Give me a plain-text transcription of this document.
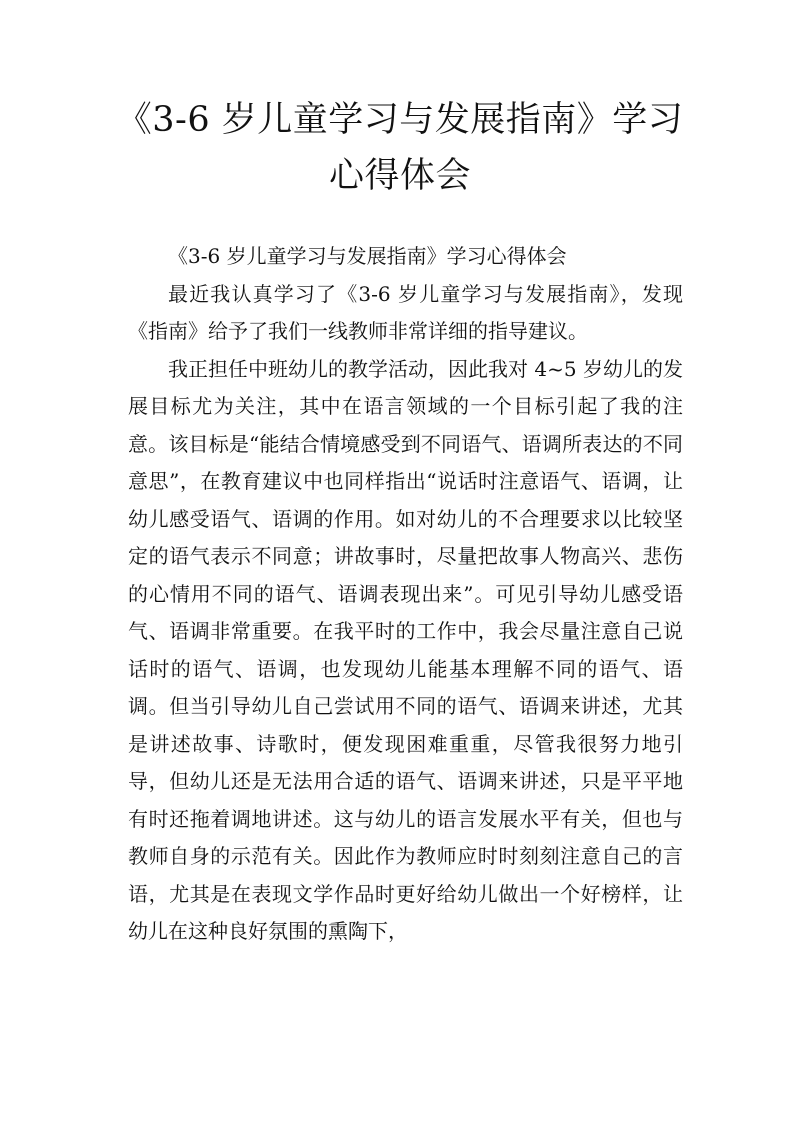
《3-6 岁儿童学习与发展指南》学习心得体会

《3-6 岁儿童学习与发展指南》学习心得体会

最近我认真学习了《3-6 岁儿童学习与发展指南》，发现《指南》给予了我们一线教师非常详细的指导建议。

我正担任中班幼儿的教学活动，因此我对 4~5 岁幼儿的发展目标尤为关注，其中在语言领域的一个目标引起了我的注意。该目标是“能结合情境感受到不同语气、语调所表达的不同意思”，在教育建议中也同样指出“说话时注意语气、语调，让幼儿感受语气、语调的作用。如对幼儿的不合理要求以比较坚定的语气表示不同意；讲故事时，尽量把故事人物高兴、悲伤的心情用不同的语气、语调表现出来”。可见引导幼儿感受语气、语调非常重要。在我平时的工作中，我会尽量注意自己说话时的语气、语调，也发现幼儿能基本理解不同的语气、语调。但当引导幼儿自己尝试用不同的语气、语调来讲述，尤其是讲述故事、诗歌时，便发现困难重重，尽管我很努力地引导，但幼儿还是无法用合适的语气、语调来讲述，只是平平地有时还拖着调地讲述。这与幼儿的语言发展水平有关，但也与教师自身的示范有关。因此作为教师应时时刻刻注意自己的言语，尤其是在表现文学作品时更好给幼儿做出一个好榜样，让幼儿在这种良好氛围的熏陶下，
